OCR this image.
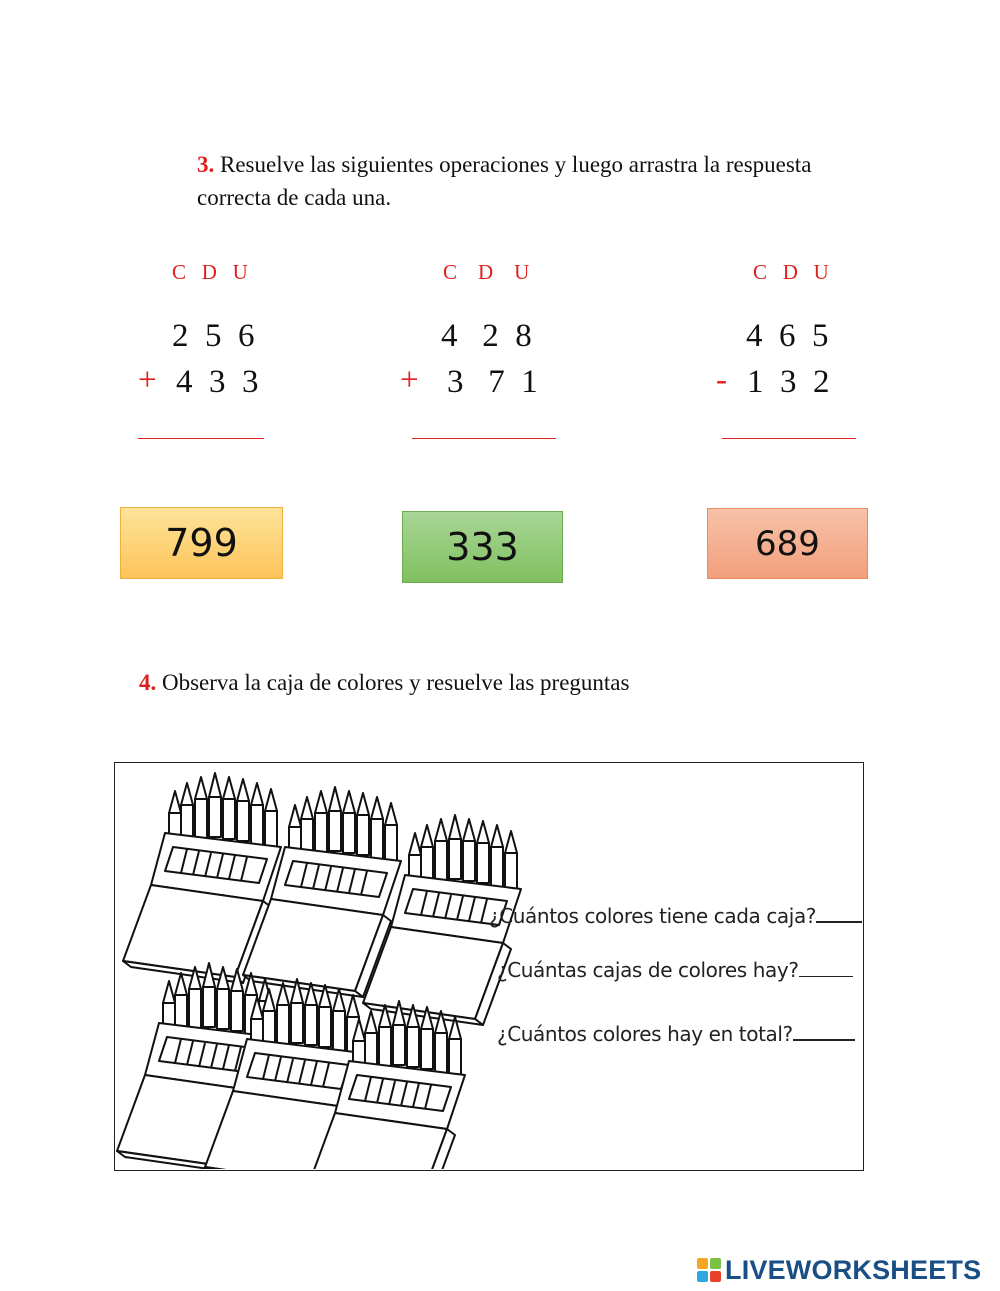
3. Resuelve las siguientes operaciones y luego arrastra la respuesta correcta de cada una.
C   D   U
2  5  6
+ 4  3  3
C    D    U
4   2  8
+ 3   7  1
C   D   U
4  6  5
- 1  3  2
799	333	689
4. Observa la caja de colores y resuelve las preguntas
¿Cuántos colores tiene cada caja?
¿Cuántas cajas de colores hay?
¿Cuántos colores hay en total?
LIVEWORKSHEETS
